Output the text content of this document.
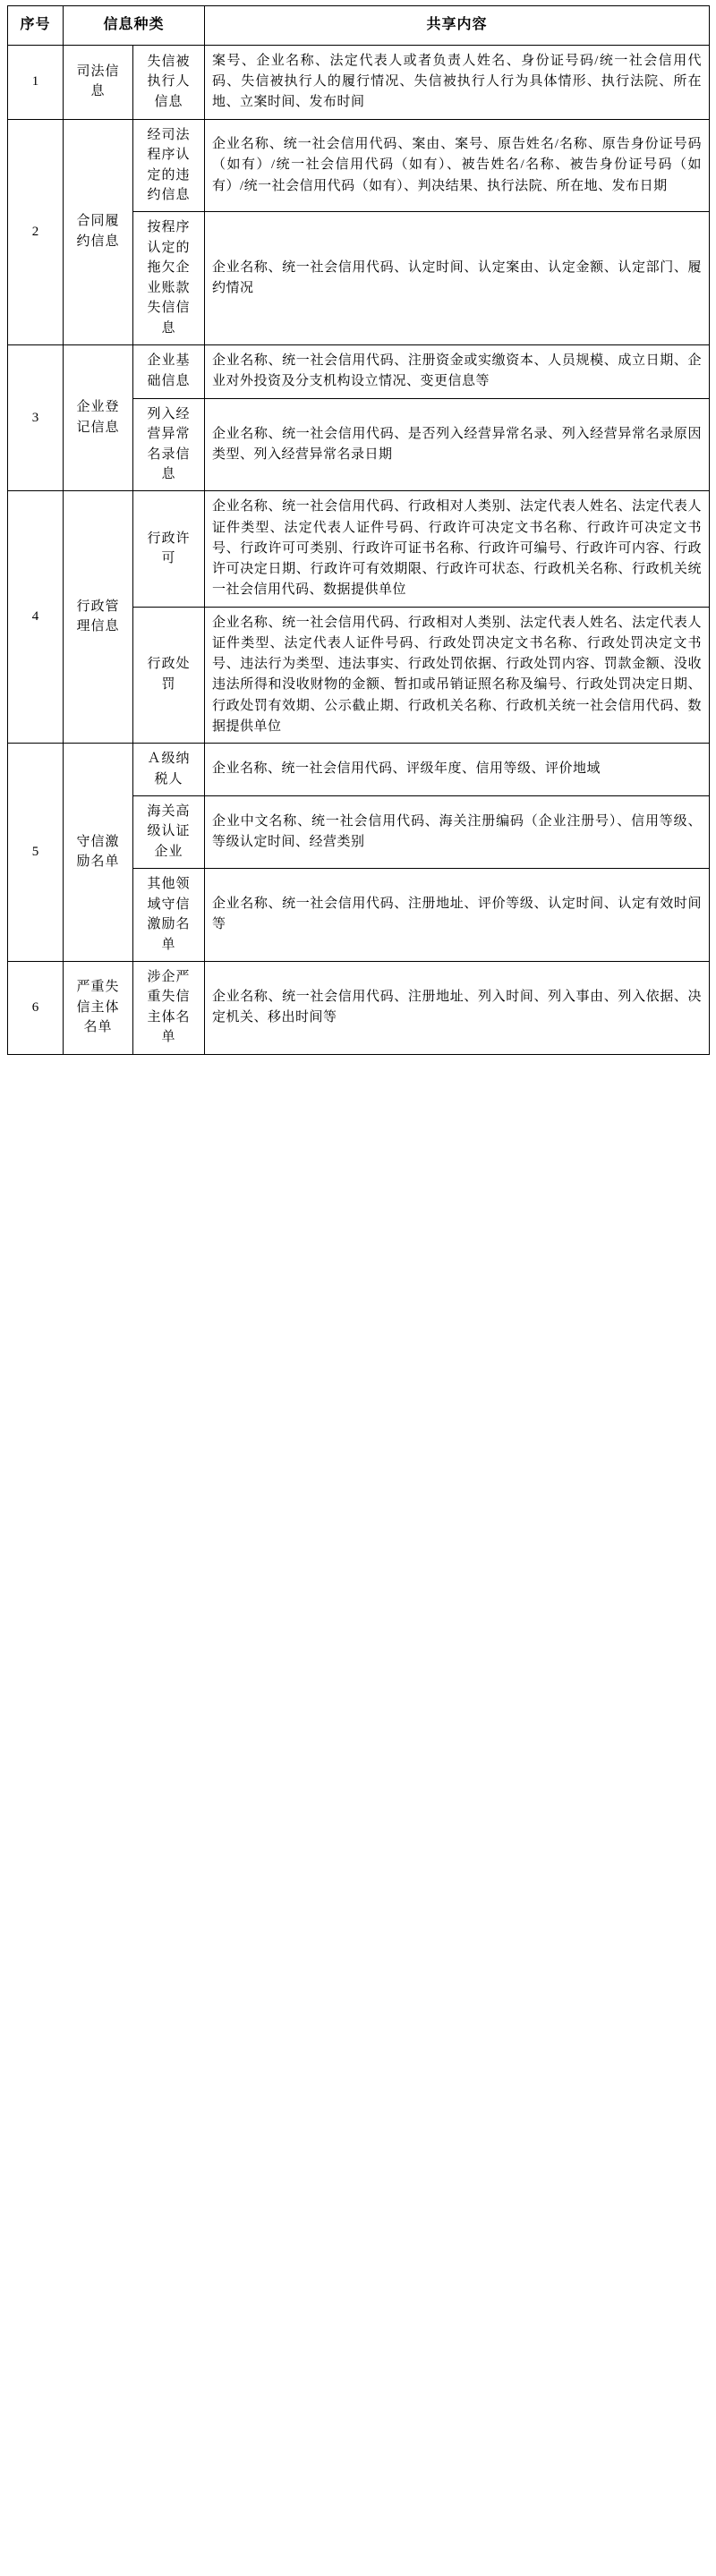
序号	信息种类		共享内容
1	司法信息	失信被执行人信息	案号、企业名称、法定代表人或者负责人姓名、身份证号码/统一社会信用代码、失信被执行人的履行情况、失信被执行人行为具体情形、执行法院、所在地、立案时间、发布时间
2	合同履约信息	经司法程序认定的违约信息	企业名称、统一社会信用代码、案由、案号、原告姓名/名称、原告身份证号码（如有）/统一社会信用代码（如有）、被告姓名/名称、被告身份证号码（如有）/统一社会信用代码（如有）、判决结果、执行法院、所在地、发布日期
		按程序认定的拖欠企业账款失信信息	企业名称、统一社会信用代码、认定时间、认定案由、认定金额、认定部门、履约情况
3	企业登记信息	企业基础信息	企业名称、统一社会信用代码、注册资金或实缴资本、人员规模、成立日期、企业对外投资及分支机构设立情况、变更信息等
		列入经营异常名录信息	企业名称、统一社会信用代码、是否列入经营异常名录、列入经营异常名录原因类型、列入经营异常名录日期
4	行政管理信息	行政许可	企业名称、统一社会信用代码、行政相对人类别、法定代表人姓名、法定代表人证件类型、法定代表人证件号码、行政许可决定文书名称、行政许可决定文书号、行政许可可类别、行政许可证书名称、行政许可编号、行政许可内容、行政许可决定日期、行政许可有效期限、行政许可状态、行政机关名称、行政机关统一社会信用代码、数据提供单位
		行政处罚	企业名称、统一社会信用代码、行政相对人类别、法定代表人姓名、法定代表人证件类型、法定代表人证件号码、行政处罚决定文书名称、行政处罚决定文书号、违法行为类型、违法事实、行政处罚依据、行政处罚内容、罚款金额、没收违法所得和没收财物的金额、暂扣或吊销证照名称及编号、行政处罚决定日期、行政处罚有效期、公示截止期、行政机关名称、行政机关统一社会信用代码、数据提供单位
5	守信激励名单	Ａ级纳税人	企业名称、统一社会信用代码、评级年度、信用等级、评价地域
		海关高级认证企业	企业中文名称、统一社会信用代码、海关注册编码（企业注册号）、信用等级、等级认定时间、经营类别
		其他领域守信激励名单	企业名称、统一社会信用代码、注册地址、评价等级、认定时间、认定有效时间等
6	严重失信主体名单	涉企严重失信主体名单	企业名称、统一社会信用代码、注册地址、列入时间、列入事由、列入依据、决定机关、移出时间等
